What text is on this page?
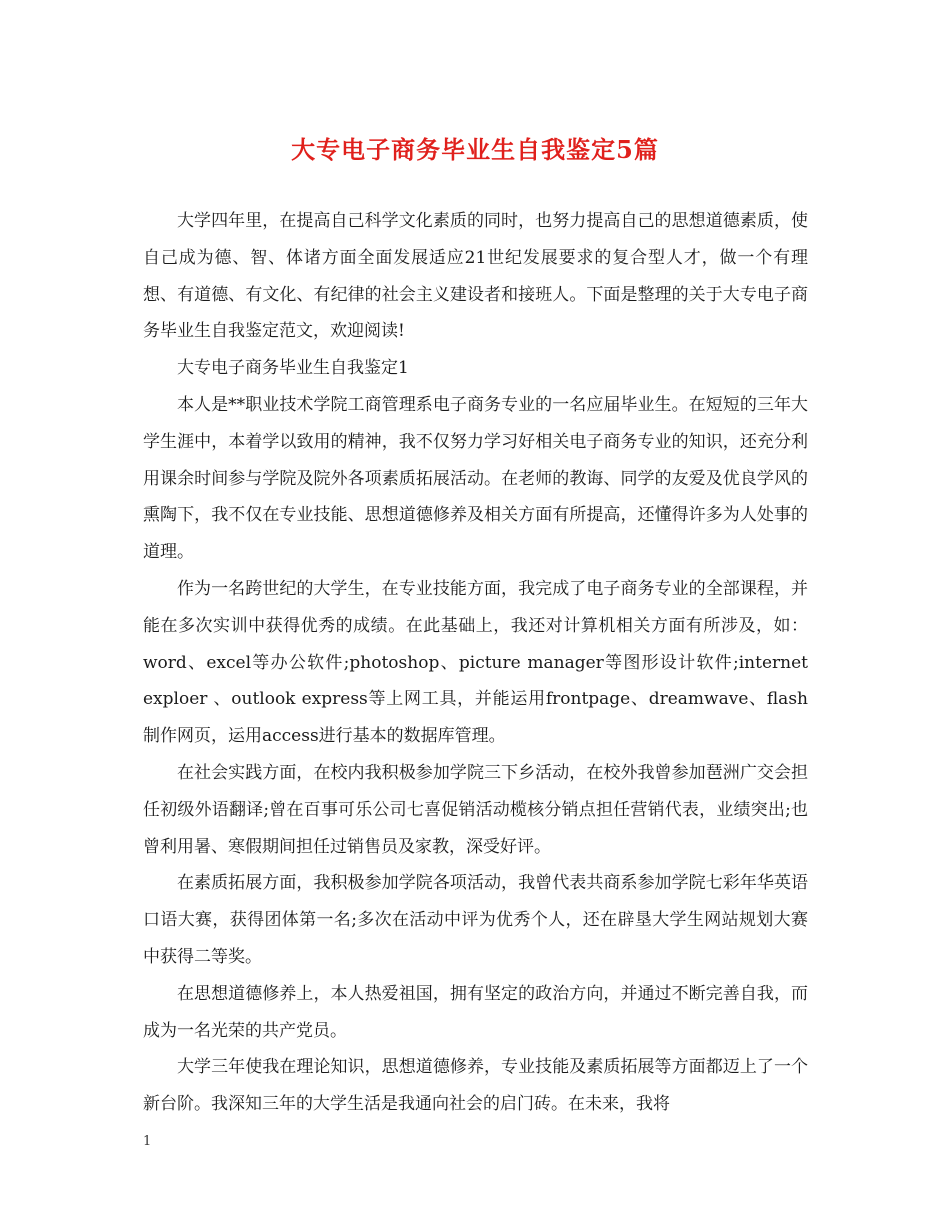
大专电子商务毕业生自我鉴定5篇

大学四年里，在提高自己科学文化素质的同时，也努力提高自己的思想道德素质，使自己成为德、智、体诸方面全面发展适应21世纪发展要求的复合型人才，做一个有理想、有道德、有文化、有纪律的社会主义建设者和接班人。下面是整理的关于大专电子商务毕业生自我鉴定范文，欢迎阅读!

大专电子商务毕业生自我鉴定1

本人是**职业技术学院工商管理系电子商务专业的一名应届毕业生。在短短的三年大学生涯中，本着学以致用的精神，我不仅努力学习好相关电子商务专业的知识，还充分利用课余时间参与学院及院外各项素质拓展活动。在老师的教诲、同学的友爱及优良学风的熏陶下，我不仅在专业技能、思想道德修养及相关方面有所提高，还懂得许多为人处事的道理。

作为一名跨世纪的大学生，在专业技能方面，我完成了电子商务专业的全部课程，并能在多次实训中获得优秀的成绩。在此基础上，我还对计算机相关方面有所涉及，如：word、excel等办公软件;photoshop、picture manager等图形设计软件;internet exploer 、outlook express等上网工具，并能运用frontpage、dreamwave、flash制作网页，运用access进行基本的数据库管理。

在社会实践方面，在校内我积极参加学院三下乡活动，在校外我曾参加琶洲广交会担任初级外语翻译;曾在百事可乐公司七喜促销活动榄核分销点担任营销代表，业绩突出;也曾利用暑、寒假期间担任过销售员及家教，深受好评。

在素质拓展方面，我积极参加学院各项活动，我曾代表共商系参加学院七彩年华英语口语大赛，获得团体第一名;多次在活动中评为优秀个人，还在辟垦大学生网站规划大赛中获得二等奖。

在思想道德修养上，本人热爱祖国，拥有坚定的政治方向，并通过不断完善自我，而成为一名光荣的共产党员。

大学三年使我在理论知识，思想道德修养，专业技能及素质拓展等方面都迈上了一个新台阶。我深知三年的大学生活是我通向社会的启门砖。在未来，我将

1
